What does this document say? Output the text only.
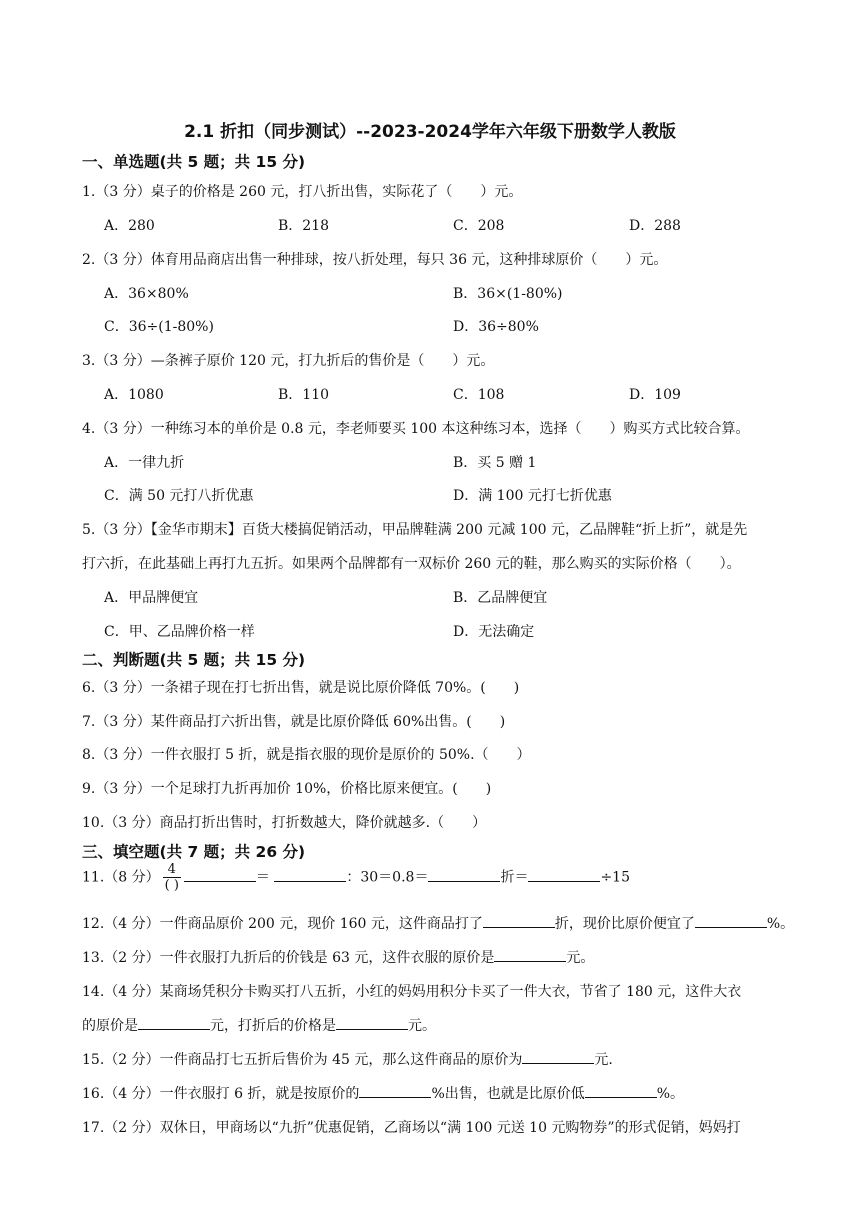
2.1 折扣（同步测试）--2023-2024学年六年级下册数学人教版
一、单选题(共 5 题；共 15 分)
1.（3 分）桌子的价格是 260 元，打八折出售，实际花了（　　）元。
A．280	B．218	C．208	D．288
2.（3 分）体育用品商店出售一种排球，按八折处理，每只 36 元，这种排球原价（　　）元。
A．36×80%	B．36×(1-80%)
C．36÷(1-80%)	D．36÷80%
3.（3 分）—条裤子原价 120 元，打九折后的售价是（　　）元。
A．1080	B．110	C．108	D．109
4.（3 分）一种练习本的单价是 0.8 元，李老师要买 100 本这种练习本，选择（　　）购买方式比较合算。
A．一律九折	B．买 5 赠 1
C．满 50 元打八折优惠	D．满 100 元打七折优惠
5.（3 分）【金华市期末】百货大楼搞促销活动，甲品牌鞋满 200 元减 100 元，乙品牌鞋“折上折”，就是先
打六折，在此基础上再打九五折。如果两个品牌都有一双标价 260 元的鞋，那么购买的实际价格（　　）。
A．甲品牌便宜	B．乙品牌便宜
C．甲、乙品牌价格一样	D．无法确定
二、判断题(共 5 题；共 15 分)
6.（3 分）一条裙子现在打七折出售，就是说比原价降低 70%。(　　)
7.（3 分）某件商品打六折出售，就是比原价降低 60%出售。(　　)
8.（3 分）一件衣服打 5 折，就是指衣服的现价是原价的 50%.（　　）
9.（3 分）一个足球打九折再加价 10%，价格比原来便宜。(　　)
10.（3 分）商品打折出售时，打折数越大，降价就越多.（　　）
三、填空题(共 7 题；共 26 分)
11.（8 分） $\frac{4}{( )}$	＝	：30＝0.8＝	折＝	÷15
12.（4 分）一件商品原价 200 元，现价 160 元，这件商品打了	折，现价比原价便宜了	%。
13.（2 分）一件衣服打九折后的价钱是 63 元，这件衣服的原价是	元。
14.（4 分）某商场凭积分卡购买打八五折，小红的妈妈用积分卡买了一件大衣，节省了 180 元，这件大衣
的原价是	元，打折后的价格是	元。
15.（2 分）一件商品打七五折后售价为 45 元，那么这件商品的原价为	元.
16.（4 分）一件衣服打 6 折，就是按原价的	%出售，也就是比原价低	%。
17.（2 分）双休日，甲商场以“九折”优惠促销，乙商场以“满 100 元送 10 元购物券”的形式促销，妈妈打
